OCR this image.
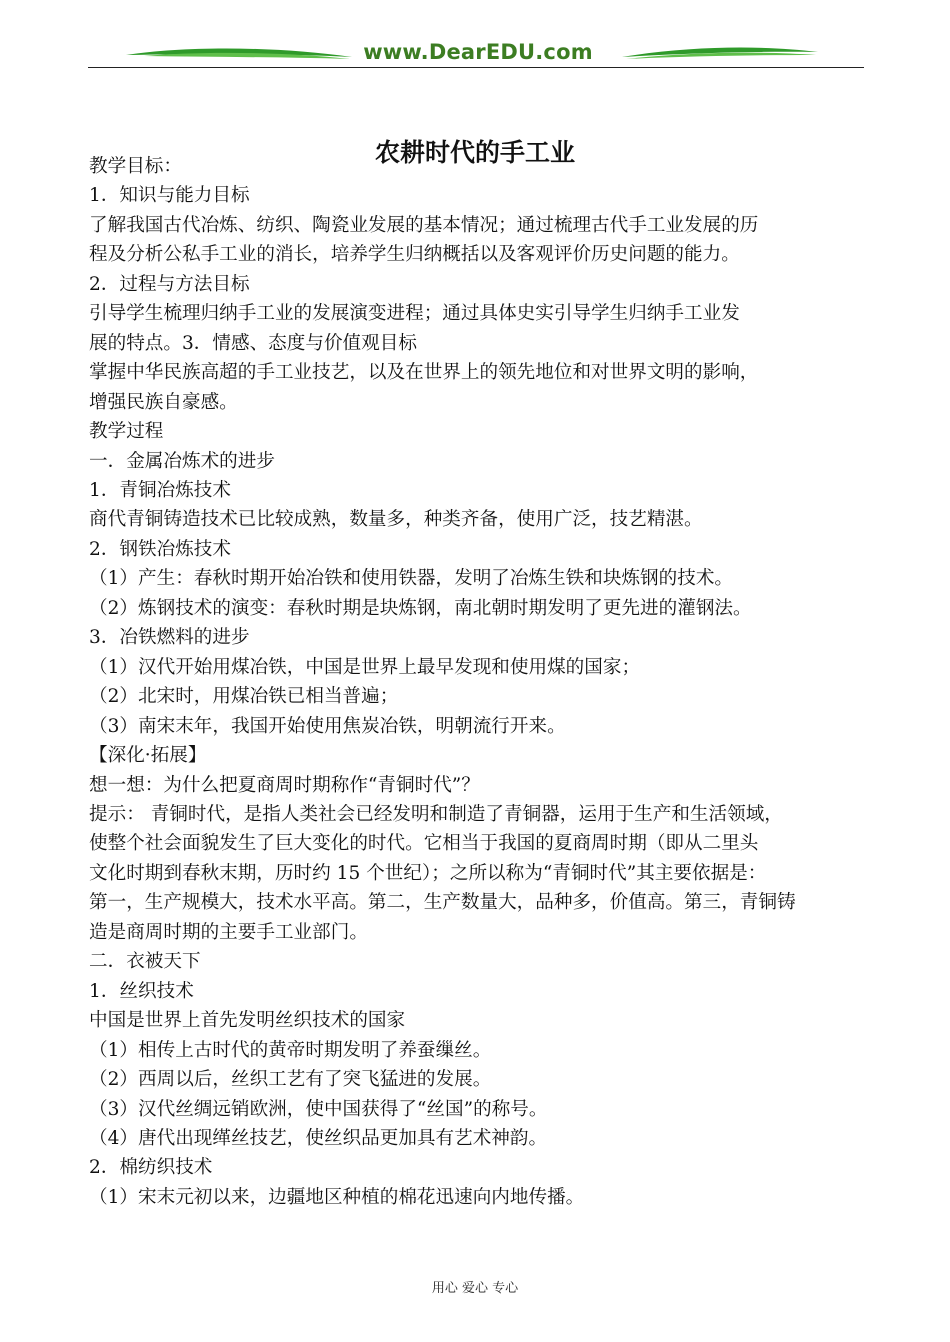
www.DearEDU.com
农耕时代的手工业

教学目标：

1．知识与能力目标

了解我国古代冶炼、纺织、陶瓷业发展的基本情况；通过梳理古代手工业发展的历

程及分析公私手工业的消长，培养学生归纳概括以及客观评价历史问题的能力。

2．过程与方法目标

引导学生梳理归纳手工业的发展演变进程；通过具体史实引导学生归纳手工业发

展的特点。3．情感、态度与价值观目标

掌握中华民族高超的手工业技艺，以及在世界上的领先地位和对世界文明的影响，

增强民族自豪感。

教学过程

一．金属冶炼术的进步

1．青铜冶炼技术

商代青铜铸造技术已比较成熟，数量多，种类齐备，使用广泛，技艺精湛。

2．钢铁冶炼技术

（1）产生：春秋时期开始冶铁和使用铁器，发明了冶炼生铁和块炼钢的技术。

（2）炼钢技术的演变：春秋时期是块炼钢，南北朝时期发明了更先进的灌钢法。

3．冶铁燃料的进步

（1）汉代开始用煤冶铁，中国是世界上最早发现和使用煤的国家；

（2）北宋时，用煤冶铁已相当普遍；

（3）南宋末年，我国开始使用焦炭冶铁，明朝流行开来。

【深化·拓展】

想一想：为什么把夏商周时期称作“青铜时代”？

提示： 青铜时代，是指人类社会已经发明和制造了青铜器，运用于生产和生活领域，

使整个社会面貌发生了巨大变化的时代。它相当于我国的夏商周时期（即从二里头

文化时期到春秋末期，历时约 15 个世纪）；之所以称为“青铜时代”其主要依据是：

第一，生产规模大，技术水平高。第二，生产数量大，品种多，价值高。第三，青铜铸

造是商周时期的主要手工业部门。

二．衣被天下

1．丝织技术

中国是世界上首先发明丝织技术的国家

（1）相传上古时代的黄帝时期发明了养蚕缫丝。

（2）西周以后，丝织工艺有了突飞猛进的发展。

（3）汉代丝绸远销欧洲，使中国获得了“丝国”的称号。

（4）唐代出现缂丝技艺，使丝织品更加具有艺术神韵。

2．棉纺织技术

（1）宋末元初以来，边疆地区种植的棉花迅速向内地传播。

用心 爱心 专心
